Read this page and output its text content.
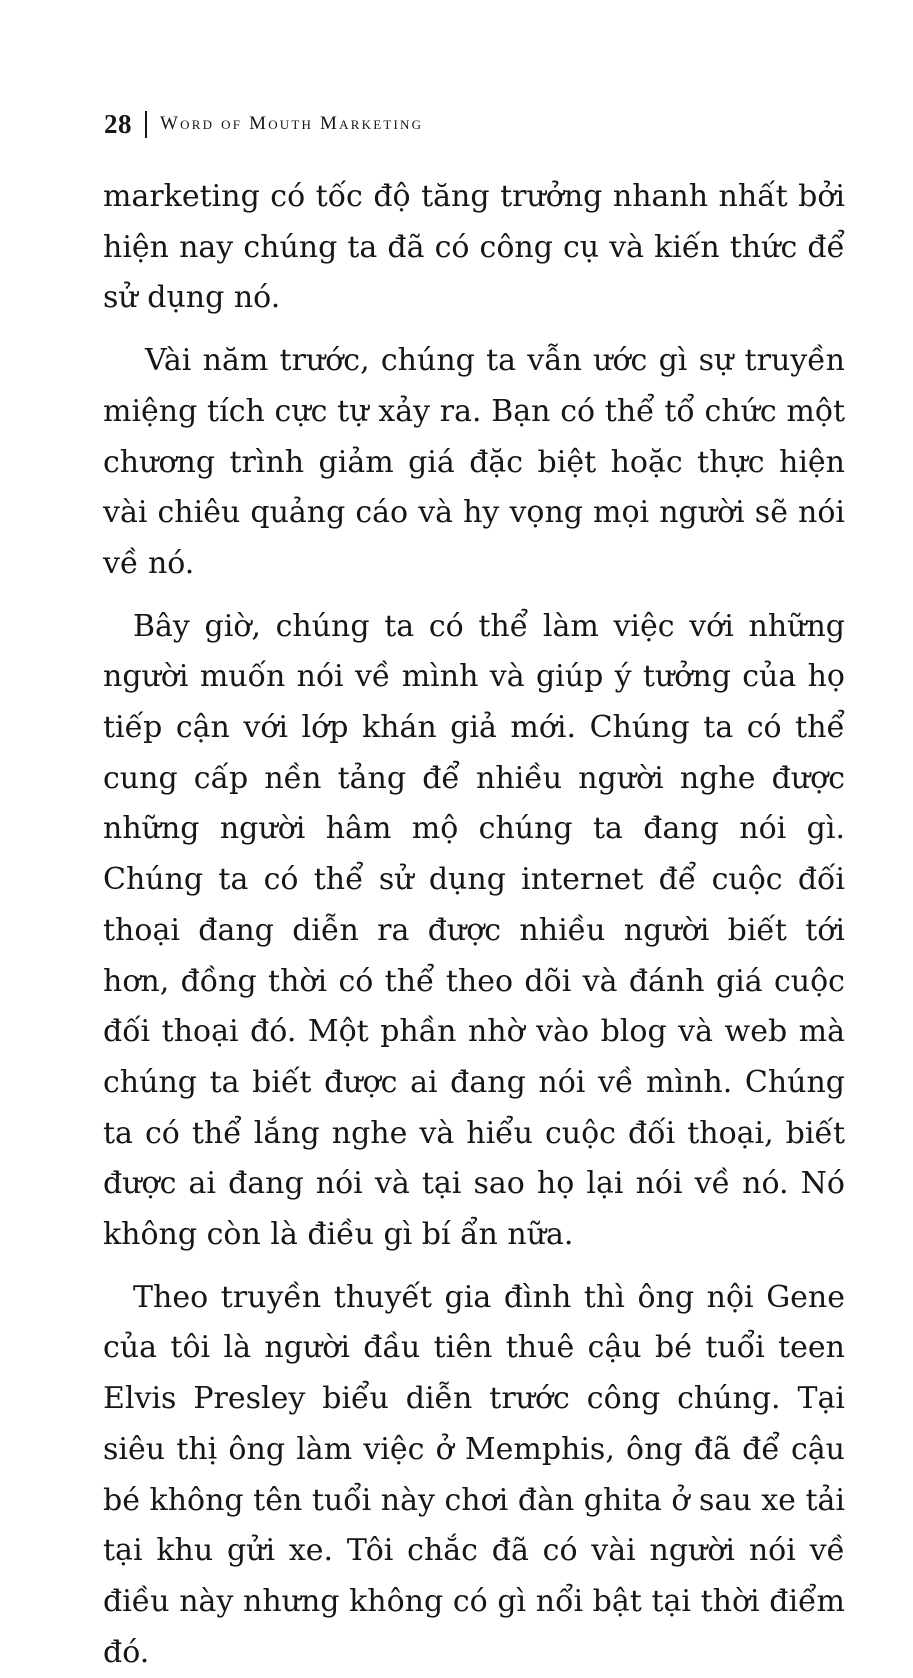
28 Word of Mouth Marketing

marketing có tốc độ tăng trưởng nhanh nhất bởi hiện nay chúng ta đã có công cụ và kiến thức để sử dụng nó.

Vài năm trước, chúng ta vẫn ước gì sự truyền miệng tích cực tự xảy ra. Bạn có thể tổ chức một chương trình giảm giá đặc biệt hoặc thực hiện vài chiêu quảng cáo và hy vọng mọi người sẽ nói về nó.

Bây giờ, chúng ta có thể làm việc với những người muốn nói về mình và giúp ý tưởng của họ tiếp cận với lớp khán giả mới. Chúng ta có thể cung cấp nền tảng để nhiều người nghe được những người hâm mộ chúng ta đang nói gì. Chúng ta có thể sử dụng internet để cuộc đối thoại đang diễn ra được nhiều người biết tới hơn, đồng thời có thể theo dõi và đánh giá cuộc đối thoại đó. Một phần nhờ vào blog và web mà chúng ta biết được ai đang nói về mình. Chúng ta có thể lắng nghe và hiểu cuộc đối thoại, biết được ai đang nói và tại sao họ lại nói về nó. Nó không còn là điều gì bí ẩn nữa.

Theo truyền thuyết gia đình thì ông nội Gene của tôi là người đầu tiên thuê cậu bé tuổi teen Elvis Presley biểu diễn trước công chúng. Tại siêu thị ông làm việc ở Memphis, ông đã để cậu bé không tên tuổi này chơi đàn ghita ở sau xe tải tại khu gửi xe. Tôi chắc đã có vài người nói về điều này nhưng không có gì nổi bật tại thời điểm đó.
